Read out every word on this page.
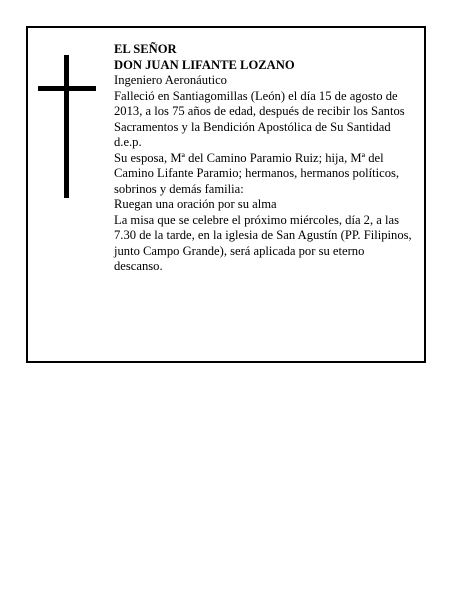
EL SEÑOR

DON JUAN LIFANTE LOZANO

Ingeniero Aeronáutico

Falleció en Santiagomillas (León) el día 15 de agosto de 2013, a los 75 años de edad, después de recibir los Santos Sacramentos y la Bendición Apostólica de Su Santidad

d.e.p.

Su esposa, Mª del Camino Paramio Ruiz; hija, Mª del Camino Lifante Paramio; hermanos, hermanos políticos, sobrinos y demás familia:

Ruegan una oración por su alma

La misa que se celebre el próximo miércoles, día 2, a las 7.30 de la tarde, en la iglesia de San Agustín (PP. Filipinos, junto Campo Grande), será aplicada por su eterno descanso.
